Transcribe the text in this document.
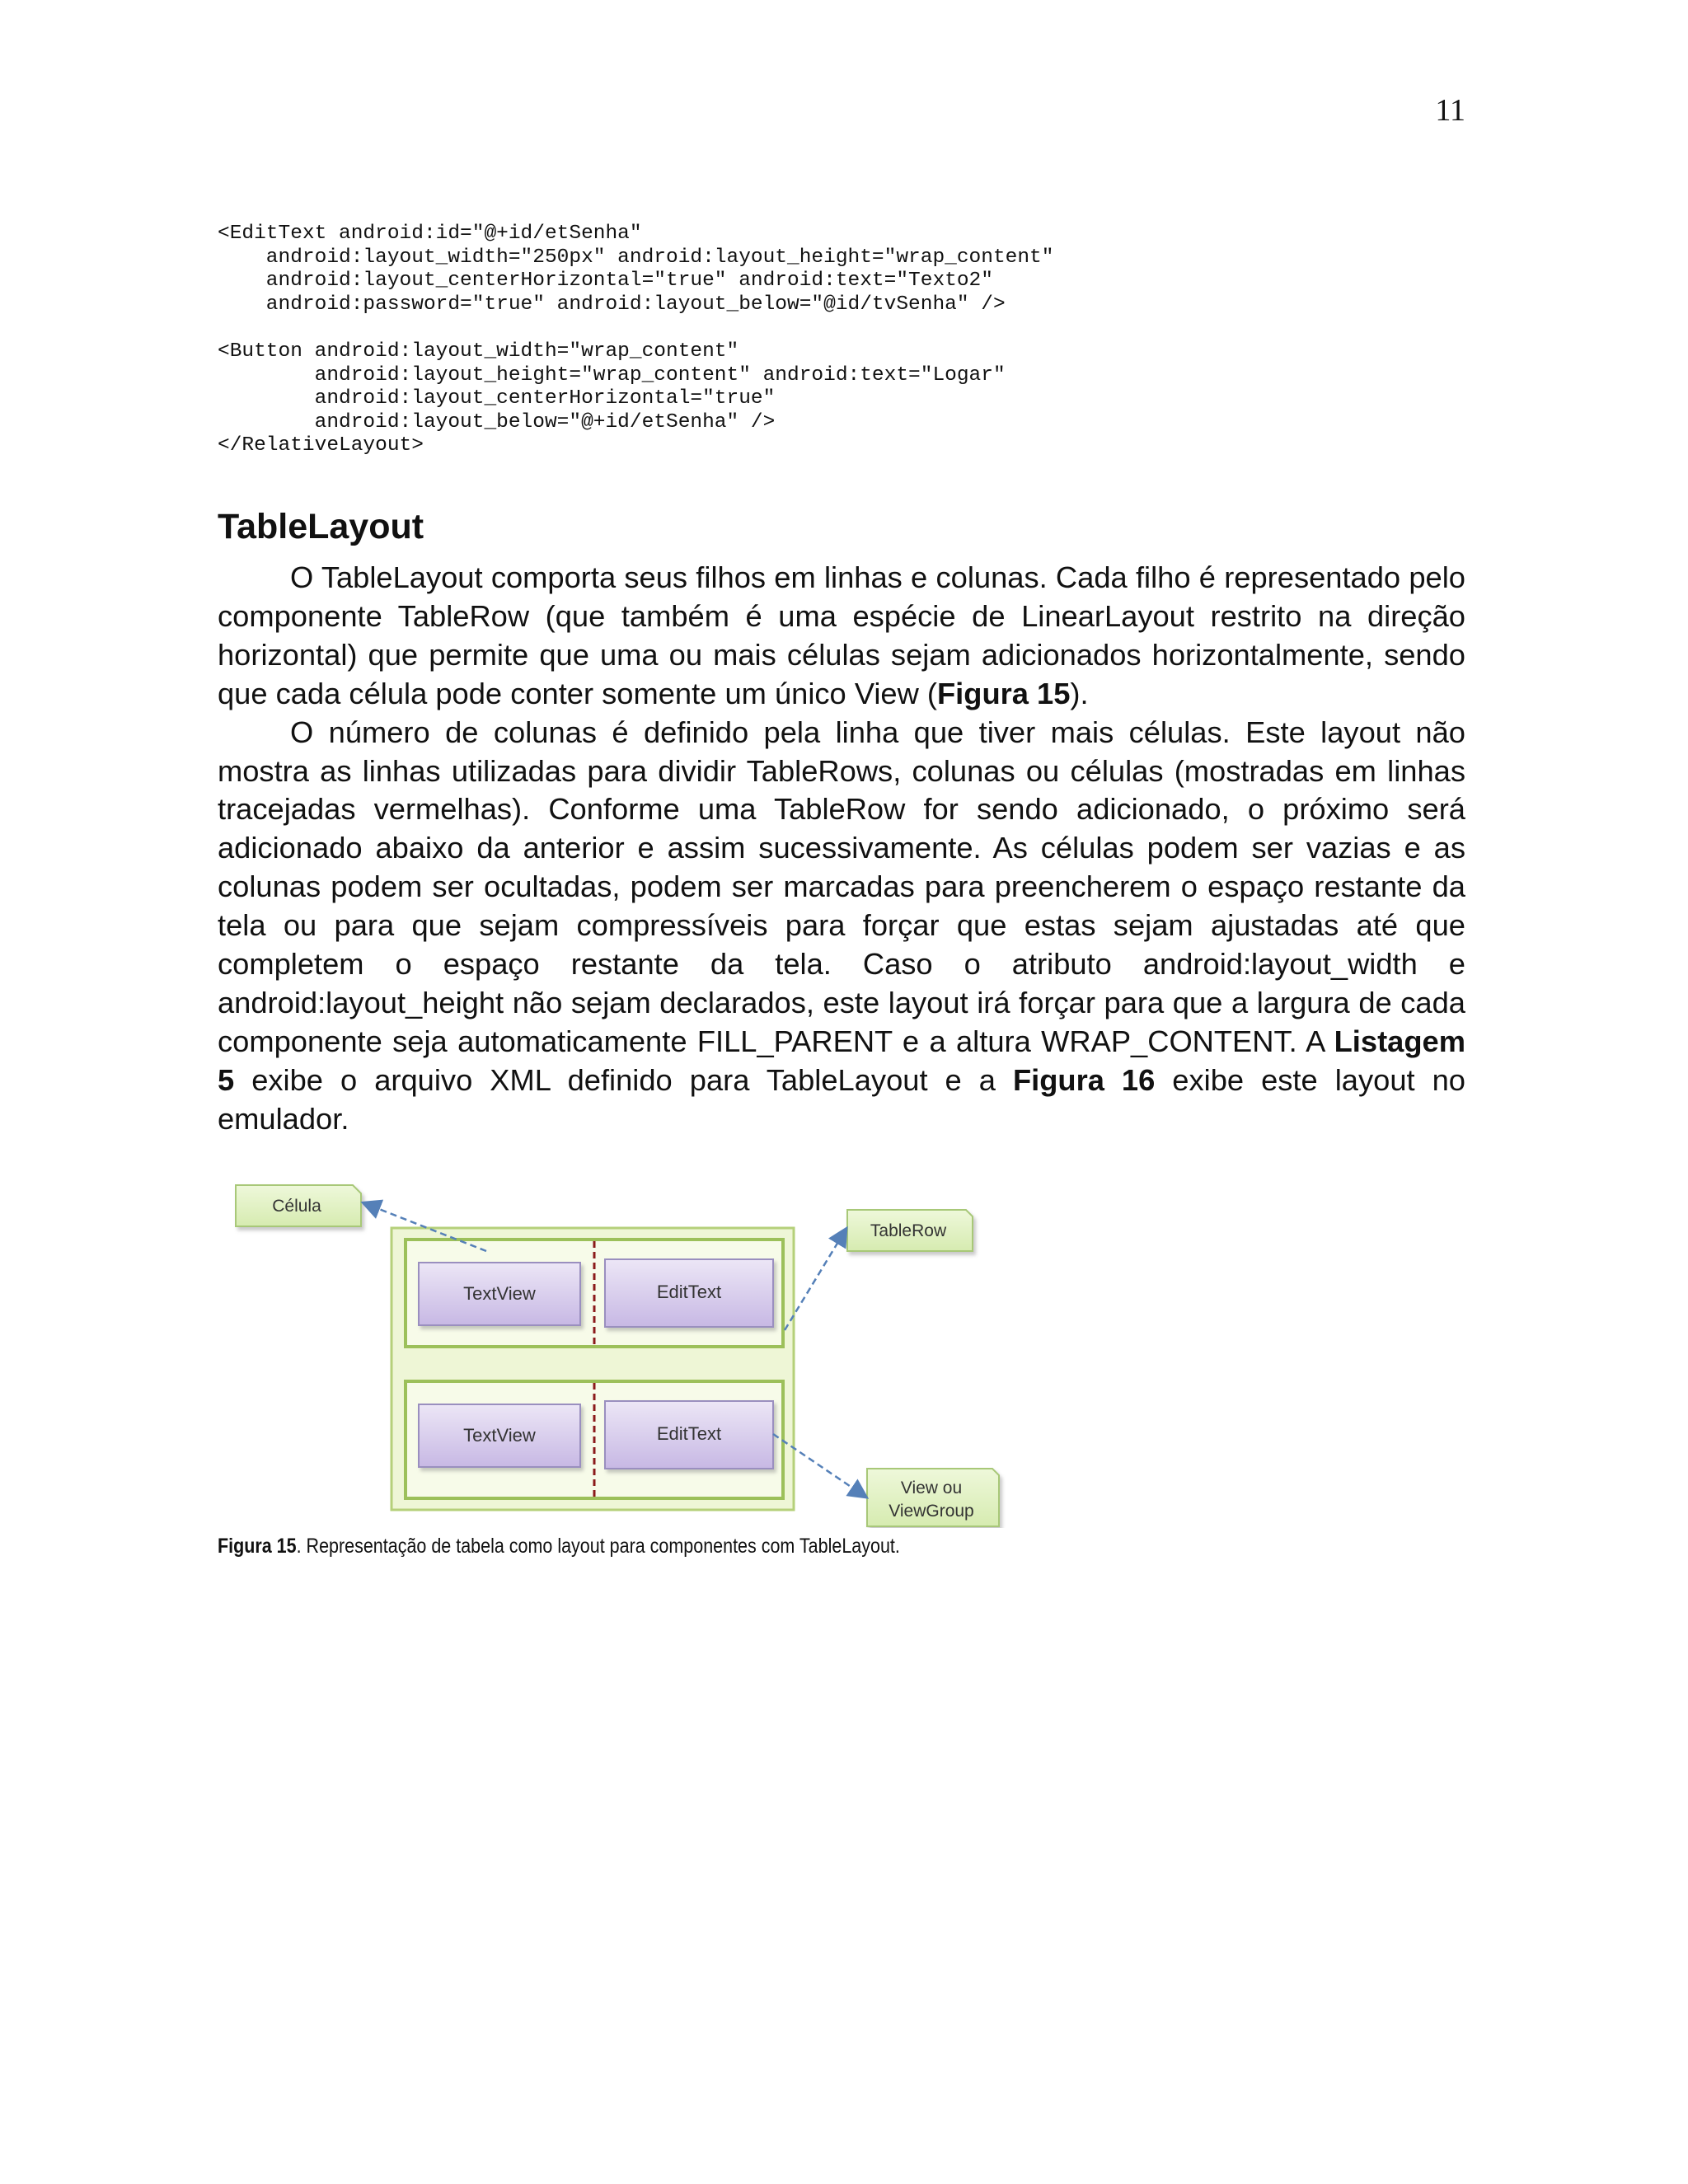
11
<EditText android:id="@+id/etSenha"
android:layout_width="250px" android:layout_height="wrap_content"
android:layout_centerHorizontal="true" android:text="Texto2"
android:password="true" android:layout_below="@id/tvSenha" />

<Button android:layout_width="wrap_content"
android:layout_height="wrap_content" android:text="Logar"
android:layout_centerHorizontal="true"
android:layout_below="@+id/etSenha" />
</RelativeLayout>
TableLayout

O TableLayout comporta seus filhos em linhas e colunas. Cada filho é representado pelo componente TableRow (que também é uma espécie de LinearLayout restrito na direção horizontal) que permite que uma ou mais células sejam adicionados horizontalmente, sendo que cada célula pode conter somente um único View (Figura 15).

O número de colunas é definido pela linha que tiver mais células. Este layout não mostra as linhas utilizadas para dividir TableRows, colunas ou células (mostradas em linhas tracejadas vermelhas). Conforme uma TableRow for sendo adicionado, o próximo será adicionado abaixo da anterior e assim sucessivamente. As células podem ser vazias e as colunas podem ser ocultadas, podem ser marcadas para preencherem o espaço restante da tela ou para que sejam compressíveis para forçar que estas sejam ajustadas até que completem o espaço restante da tela. Caso o atributo android:layout_width e android:layout_height não sejam declarados, este layout irá forçar para que a largura de cada componente seja automaticamente FILL_PARENT e a altura WRAP_CONTENT. A Listagem 5 exibe o arquivo XML definido para TableLayout e a Figura 16 exibe este layout no emulador.

TextView	EditText
TextView	EditText
Célula
TableRow
View ou
ViewGroup
Figura 15. Representação de tabela como layout para componentes com TableLayout.
